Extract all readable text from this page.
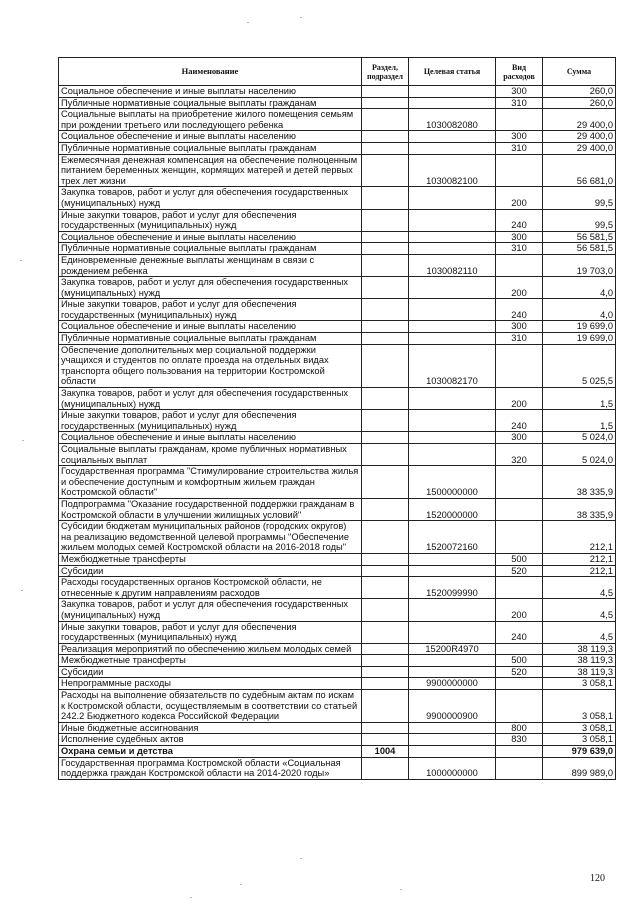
Наименование	Раздел, подраздел	Целевая статья	Вид расходов	Сумма
Социальное обеспечение и иные выплаты населению			300	260,0
Публичные нормативные социальные выплаты гражданам			310	260,0
Социальные выплаты на приобретение жилого помещения семьям при рождении третьего или последующего ребенка		1030082080		29 400,0
Социальное обеспечение и иные выплаты населению			300	29 400,0
Публичные нормативные социальные выплаты гражданам			310	29 400,0
Ежемесячная денежная компенсация на обеспечение полноценным питанием беременных женщин, кормящих матерей и детей первых трех лет жизни		1030082100		56 681,0
Закупка товаров, работ и услуг для обеспечения государственных (муниципальных) нужд			200	99,5
Иные закупки товаров, работ и услуг для обеспечения государственных (муниципальных) нужд			240	99,5
Социальное обеспечение и иные выплаты населению			300	56 581,5
Публичные нормативные социальные выплаты гражданам			310	56 581,5
Единовременные денежные выплаты женщинам в связи с рождением ребенка		1030082110		19 703,0
Закупка товаров, работ и услуг для обеспечения государственных (муниципальных) нужд			200	4,0
Иные закупки товаров, работ и услуг для обеспечения государственных (муниципальных) нужд			240	4,0
Социальное обеспечение и иные выплаты населению			300	19 699,0
Публичные нормативные социальные выплаты гражданам			310	19 699,0
Обеспечение дополнительных мер социальной поддержки учащихся и студентов по оплате проезда на отдельных видах транспорта общего пользования на территории Костромской области		1030082170		5 025,5
Закупка товаров, работ и услуг для обеспечения государственных (муниципальных) нужд			200	1,5
Иные закупки товаров, работ и услуг для обеспечения государственных (муниципальных) нужд			240	1,5
Социальное обеспечение и иные выплаты населению			300	5 024,0
Социальные выплаты гражданам, кроме публичных нормативных социальных выплат			320	5 024,0
Государственная программа "Стимулирование строительства жилья и обеспечение доступным и комфортным жильем граждан Костромской области"		1500000000		38 335,9
Подпрограмма "Оказание государственной поддержки гражданам в Костромской области в улучшении жилищных условий"		1520000000		38 335,9
Субсидии бюджетам муниципальных районов (городских округов) на реализацию ведомственной целевой программы "Обеспечение жильем молодых семей Костромской области на 2016-2018 годы"		1520072160		212,1
Межбюджетные трансферты			500	212,1
Субсидии			520	212,1
Расходы государственных органов Костромской области, не отнесенные к другим направлениям расходов		1520099990		4,5
Закупка товаров, работ и услуг для обеспечения государственных (муниципальных) нужд			200	4,5
Иные закупки товаров, работ и услуг для обеспечения государственных (муниципальных) нужд			240	4,5
Реализация мероприятий по обеспечению жильем молодых семей		15200R4970		38 119,3
Межбюджетные трансферты			500	38 119,3
Субсидии			520	38 119,3
Непрограммные расходы		9900000000		3 058,1
Расходы на выполнение обязательств по судебным актам по искам к Костромской области, осуществляемым в соответствии со статьей 242.2 Бюджетного кодекса Российской Федерации		9900000900		3 058,1
Иные бюджетные ассигнования			800	3 058,1
Исполнение судебных актов			830	3 058,1
Охрана семьи и детства	1004			979 639,0
Государственная программа Костромской области «Социальная поддержка граждан Костромской области на 2014-2020 годы»		1000000000		899 989,0
120
